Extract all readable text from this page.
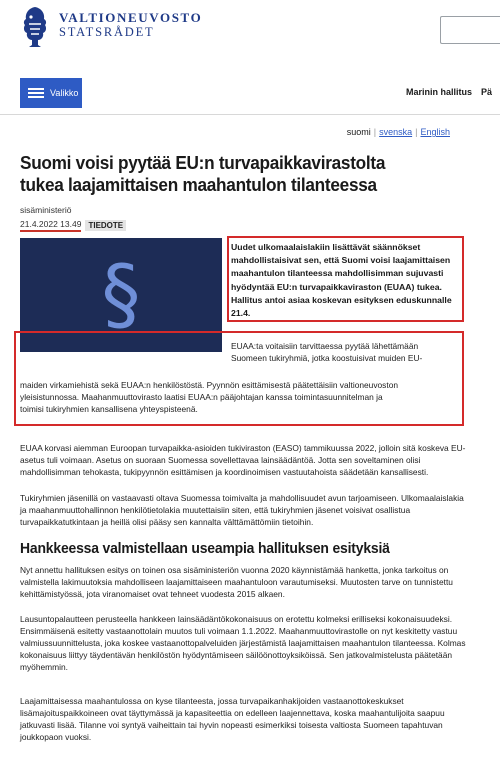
VALTIONEUVOSTO
STATSRÅDET
Valikko	Marinin hallitus Pä
suomi | svenska | English
Suomi voisi pyytää EU:n turvapaikkavirastolta tukea laajamittaisen maahantulon tilanteessa
sisäministeriö
21.4.2022 13.49 TIEDOTE
§

Uudet ulkomaalaislakiin lisättävät säännökset mahdollistaisivat sen, että Suomi voisi laajamittaisen maahantulon tilanteessa mahdollisimman sujuvasti hyödyntää EU:n turvapaikkaviraston (EUAA) tukea. Hallitus antoi asiaa koskevan esityksen eduskunnalle 21.4.

EUAA:ta voitaisiin tarvittaessa pyytää lähettämään
Suomeen tukiryhmiä, jotka koostuisivat muiden EU-
maiden virkamiehistä sekä EUAA:n henkilöstöstä. Pyynnön esittämisestä päätettäisiin valtioneuvoston
yleisistunnossa. Maahanmuuttovirasto laatisi EUAA:n pääjohtajan kanssa toimintasuunnitelman ja
toimisi tukiryhmien kansallisena yhteyspisteenä.

EUAA korvasi aiemman Euroopan turvapaikka-asioiden tukiviraston (EASO) tammikuussa 2022, jolloin sitä koskeva EU-asetus tuli voimaan. Asetus on suoraan Suomessa sovellettavaa lainsäädäntöä. Jotta sen soveltaminen olisi mahdollisimman tehokasta, tukipyynnön esittämisen ja koordinoimisen vastuutahoista säädetään kansallisesti.

Tukiryhmien jäsenillä on vastaavasti oltava Suomessa toimivalta ja mahdollisuudet avun tarjoamiseen. Ulkomaalaislakia ja maahanmuuttohallinnon henkilötietolakia muutettaisiin siten, että tukiryhmien jäsenet voisivat osallistua turvapaikkatutkintaan ja heillä olisi pääsy sen kannalta välttämättömiin tietoihin.

Hankkeessa valmistellaan useampia hallituksen esityksiä

Nyt annettu hallituksen esitys on toinen osa sisäministeriön vuonna 2020 käynnistämää hanketta, jonka tarkoitus on valmistella lakimuutoksia mahdolliseen laajamittaiseen maahantuloon varautumiseksi. Muutosten tarve on tunnistettu kehittämistyössä, jota viranomaiset ovat tehneet vuodesta 2015 alkaen.

Lausuntopalautteen perusteella hankkeen lainsäädäntökokonaisuus on erotettu kolmeksi erilliseksi kokonaisuudeksi. Ensimmäisenä esitetty vastaanottolain muutos tuli voimaan 1.1.2022. Maahanmuuttovirastolle on nyt keskitetty vastuu valmiussuunnittelusta, joka koskee vastaanottopalveluiden järjestämistä laajamittaisen maahantulon tilanteessa. Kolmas kokonaisuus liittyy täydentävän henkilöstön hyödyntämiseen säilöönottoyksiköissä. Sen jatkovalmistelusta päätetään myöhemmin.

Laajamittaisessa maahantulossa on kyse tilanteesta, jossa turvapaikanhakijoiden vastaanottokeskukset lisämajoituspaikkoineen ovat täyttymässä ja kapasiteettia on edelleen laajennettava, koska maahantulijoita saapuu jatkuvasti lisää. Tilanne voi syntyä vaiheittain tai hyvin nopeasti esimerkiksi toisesta valtiosta Suomeen tapahtuvan joukkopaon vuoksi.
